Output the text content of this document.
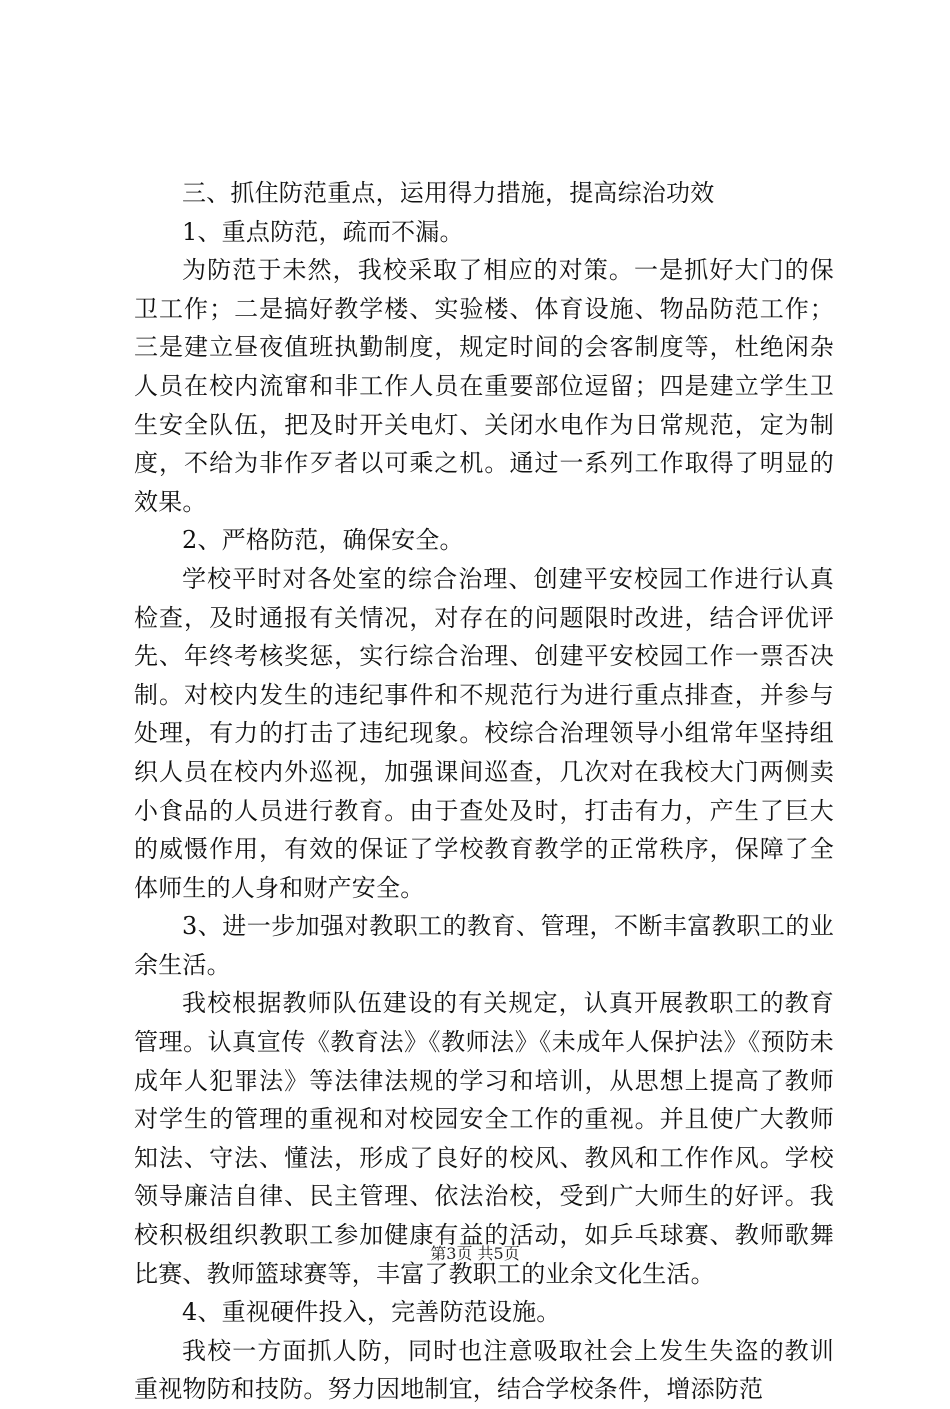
三、抓住防范重点，运用得力措施，提高综治功效

1、重点防范，疏而不漏。

为防范于未然，我校采取了相应的对策。一是抓好大门的保卫工作；二是搞好教学楼、实验楼、体育设施、物品防范工作；三是建立昼夜值班执勤制度，规定时间的会客制度等，杜绝闲杂人员在校内流窜和非工作人员在重要部位逗留；四是建立学生卫生安全队伍，把及时开关电灯、关闭水电作为日常规范，定为制度，不给为非作歹者以可乘之机。通过一系列工作取得了明显的效果。

2、严格防范，确保安全。

学校平时对各处室的综合治理、创建平安校园工作进行认真检查，及时通报有关情况，对存在的问题限时改进，结合评优评先、年终考核奖惩，实行综合治理、创建平安校园工作一票否决制。对校内发生的违纪事件和不规范行为进行重点排查，并参与处理，有力的打击了违纪现象。校综合治理领导小组常年坚持组织人员在校内外巡视，加强课间巡查，几次对在我校大门两侧卖小食品的人员进行教育。由于查处及时，打击有力，产生了巨大的威慑作用，有效的保证了学校教育教学的正常秩序，保障了全体师生的人身和财产安全。

3、进一步加强对教职工的教育、管理，不断丰富教职工的业余生活。

我校根据教师队伍建设的有关规定，认真开展教职工的教育管理。认真宣传《教育法》《教师法》《未成年人保护法》《预防未成年人犯罪法》等法律法规的学习和培训，从思想上提高了教师对学生的管理的重视和对校园安全工作的重视。并且使广大教师知法、守法、懂法，形成了良好的校风、教风和工作作风。学校领导廉洁自律、民主管理、依法治校，受到广大师生的好评。我校积极组织教职工参加健康有益的活动，如乒乓球赛、教师歌舞比赛、教师篮球赛等，丰富了教职工的业余文化生活。

4、重视硬件投入，完善防范设施。

我校一方面抓人防，同时也注意吸取社会上发生失盗的教训重视物防和技防。努力因地制宜，结合学校条件，增添防范

第3页 共5页
